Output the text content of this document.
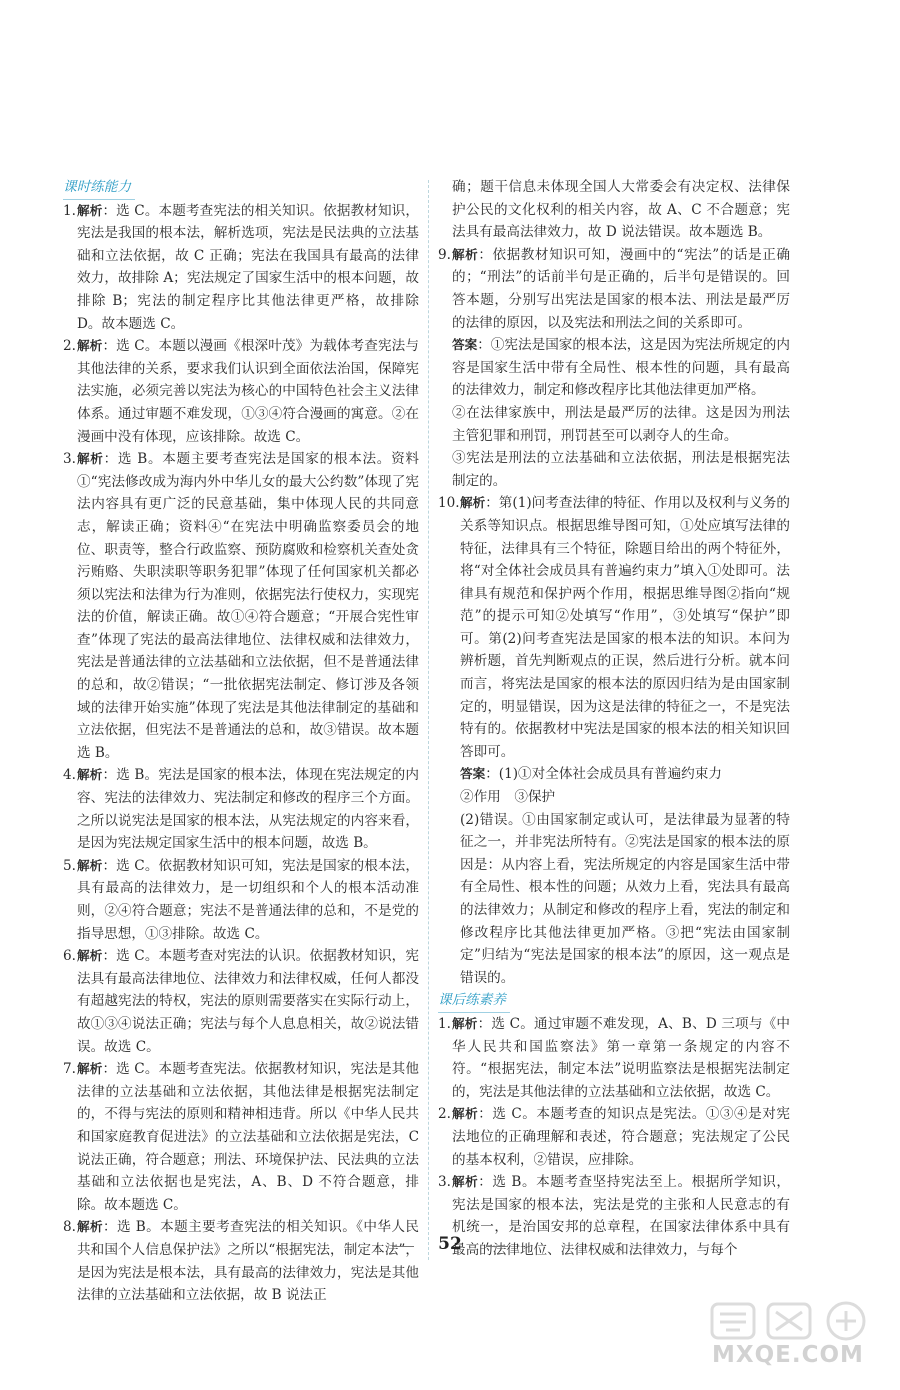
课时练能力
1. 解析：选 C。本题考查宪法的相关知识。依据教材知识，宪法是我国的根本法，解析选项，宪法是民法典的立法基础和立法依据，故 C 正确；宪法在我国具有最高的法律效力，故排除 A；宪法规定了国家生活中的根本问题，故排除 B；宪法的制定程序比其他法律更严格，故排除 D。故本题选 C。
2. 解析：选 C。本题以漫画《根深叶茂》为载体考查宪法与其他法律的关系，要求我们认识到全面依法治国，保障宪法实施，必须完善以宪法为核心的中国特色社会主义法律体系。通过审题不难发现，①③④符合漫画的寓意。②在漫画中没有体现，应该排除。故选 C。
3. 解析：选 B。本题主要考查宪法是国家的根本法。资料①“宪法修改成为海内外中华儿女的最大公约数”体现了宪法内容具有更广泛的民意基础，集中体现人民的共同意志，解读正确；资料④“在宪法中明确监察委员会的地位、职责等，整合行政监察、预防腐败和检察机关查处贪污贿赂、失职渎职等职务犯罪”体现了任何国家机关都必须以宪法和法律为行为准则，依据宪法行使权力，实现宪法的价值，解读正确。故①④符合题意；“开展合宪性审查”体现了宪法的最高法律地位、法律权威和法律效力，宪法是普通法律的立法基础和立法依据，但不是普通法律的总和，故②错误；“一批依据宪法制定、修订涉及各领域的法律开始实施”体现了宪法是其他法律制定的基础和立法依据，但宪法不是普通法的总和，故③错误。故本题选 B。
4. 解析：选 B。宪法是国家的根本法，体现在宪法规定的内容、宪法的法律效力、宪法制定和修改的程序三个方面。之所以说宪法是国家的根本法，从宪法规定的内容来看，是因为宪法规定国家生活中的根本问题，故选 B。
5. 解析：选 C。依据教材知识可知，宪法是国家的根本法，具有最高的法律效力，是一切组织和个人的根本活动准则，②④符合题意；宪法不是普通法律的总和，不是党的指导思想，①③排除。故选 C。
6. 解析：选 C。本题考查对宪法的认识。依据教材知识，宪法具有最高法律地位、法律效力和法律权威，任何人都没有超越宪法的特权，宪法的原则需要落实在实际行动上，故①③④说法正确；宪法与每个人息息相关，故②说法错误。故选 C。
7. 解析：选 C。本题考查宪法。依据教材知识，宪法是其他法律的立法基础和立法依据，其他法律是根据宪法制定的，不得与宪法的原则和精神相违背。所以《中华人民共和国家庭教育促进法》的立法基础和立法依据是宪法，C 说法正确，符合题意；刑法、环境保护法、民法典的立法基础和立法依据也是宪法，A、B、D 不符合题意，排除。故本题选 C。
8. 解析：选 B。本题主要考查宪法的相关知识。《中华人民共和国个人信息保护法》之所以“根据宪法，制定本法”，是因为宪法是根本法，具有最高的法律效力，宪法是其他法律的立法基础和立法依据，故 B 说法正
确；题干信息未体现全国人大常委会有决定权、法律保护公民的文化权利的相关内容，故 A、C 不合题意；宪法具有最高法律效力，故 D 说法错误。故本题选 B。
9. 解析：依据教材知识可知，漫画中的“宪法”的话是正确的；“刑法”的话前半句是正确的，后半句是错误的。回答本题，分别写出宪法是国家的根本法、刑法是最严厉的法律的原因，以及宪法和刑法之间的关系即可。
答案：①宪法是国家的根本法，这是因为宪法所规定的内容是国家生活中带有全局性、根本性的问题，具有最高的法律效力，制定和修改程序比其他法律更加严格。
②在法律家族中，刑法是最严厉的法律。这是因为刑法主管犯罪和刑罚，刑罚甚至可以剥夺人的生命。
③宪法是刑法的立法基础和立法依据，刑法是根据宪法制定的。
10. 解析：第(1)问考查法律的特征、作用以及权利与义务的关系等知识点。根据思维导图可知，①处应填写法律的特征，法律具有三个特征，除题目给出的两个特征外，将“对全体社会成员具有普遍约束力”填入①处即可。法律具有规范和保护两个作用，根据思维导图②指向“规范”的提示可知②处填写“作用”，③处填写“保护”即可。第(2)问考查宪法是国家的根本法的知识。本问为辨析题，首先判断观点的正误，然后进行分析。就本问而言，将宪法是国家的根本法的原因归结为是由国家制定的，明显错误，因为这是法律的特征之一，不是宪法特有的。依据教材中宪法是国家的根本法的相关知识回答即可。
答案：(1)①对全体社会成员具有普遍约束力
②作用　③保护
(2)错误。①由国家制定或认可，是法律最为显著的特征之一，并非宪法所特有。②宪法是国家的根本法的原因是：从内容上看，宪法所规定的内容是国家生活中带有全局性、根本性的问题；从效力上看，宪法具有最高的法律效力；从制定和修改的程序上看，宪法的制定和修改程序比其他法律更加严格。③把“宪法由国家制定”归结为“宪法是国家的根本法”的原因，这一观点是错误的。
课后练素养
1. 解析：选 C。通过审题不难发现，A、B、D 三项与《中华人民共和国监察法》第一章第一条规定的内容不符。“根据宪法，制定本法”说明监察法是根据宪法制定的，宪法是其他法律的立法基础和立法依据，故选 C。
2. 解析：选 C。本题考查的知识点是宪法。①③④是对宪法地位的正确理解和表述，符合题意；宪法规定了公民的基本权利，②错误，应排除。
3. 解析：选 B。本题考查坚持宪法至上。根据所学知识，宪法是国家的根本法，宪法是党的主张和人民意志的有机统一，是治国安邦的总章程，在国家法律体系中具有最高的法律地位、法律权威和法律效力，与每个
52
MXQE.COM
